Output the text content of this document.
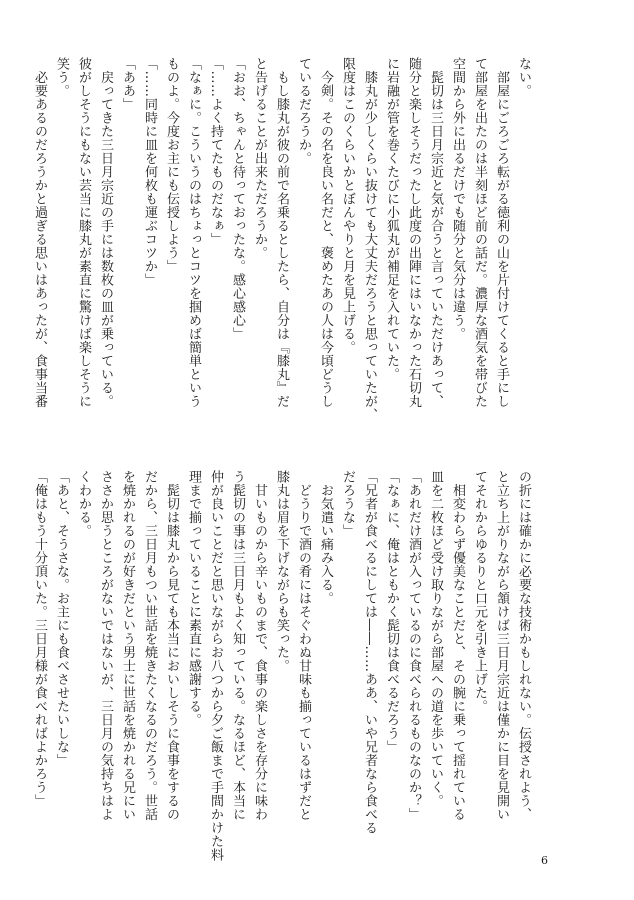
ない。
　部屋にごろごろ転がる徳利の山を片付けてくると手にし
て部屋を出たのは半刻ほど前の話だ。濃厚な酒気を帯びた
空間から外に出るだけでも随分と気分は違う。
　髭切は三日月宗近と気が合うと言っていただけあって、
随分と楽しそうだったし此度の出陣にはいなかった石切丸
に岩融が管を巻くたびに小狐丸が補足を入れていた。
　膝丸が少しくらい抜けても大丈夫だろうと思っていたが、
限度はこのくらいかとぼんやりと月を見上げる。
　今剣。その名を良い名だと、褒めたあの人は今頃どうし
ているだろうか。
　もし膝丸が彼の前で名乗るとしたら、自分は『膝丸』だ
と告げることが出来ただろうか。
「おお、ちゃんと待っておったな。感心感心」
「……よく持てたものだなぁ」
「なぁに。こういうのはちょっとコツを掴めば簡単という
ものよ。今度お主にも伝授しよう」
「……同時に皿を何枚も運ぶコツか」
「ああ」
　戻ってきた三日月宗近の手には数枚の皿が乗っている。
彼がしそうにもない芸当に膝丸が素直に驚けば楽しそうに
笑う。
　必要あるのだろうかと過ぎる思いはあったが、食事当番
の折には確かに必要な技術かもしれない。伝授されよう、
と立ち上がりながら頷けば三日月宗近は僅かに目を見開い
てそれからゆるりと口元を引き上げた。
　相変わらず優美なことだと、その腕に乗って揺れている
皿を二枚ほど受け取りながら部屋への道を歩いていく。
「あれだけ酒が入っているのに食べられるものなのか？」
「なぁに、俺はともかく髭切は食べるだろう」
「兄者が食べるにしては――……ああ、いや兄者なら食べる
だろうな」
　お気遣い痛み入る。
　どうりで酒の肴にはそぐわぬ甘味も揃っているはずだと
膝丸は眉を下げながらも笑った。
　甘いものから辛いものまで、食事の楽しさを存分に味わ
う髭切の事は三日月もよく知っている。なるほど、本当に
仲が良いことだと思いながらお八つから夕ご飯まで手間かけた料
理まで揃っていることに素直に感謝する。
　髭切は膝丸から見ても本当においしそうに食事をするの
だから、三日月もつい世話を焼きたくなるのだろう。世話
を焼かれるのが好きだという男士に世話を焼かれる兄にい
ささか思うところがないではないが、三日月の気持ちはよ
くわかる。
「あと、そうさな。お主にも食べさせたいしな」
「俺はもう十分頂いた。三日月様が食べればよかろう」
6
